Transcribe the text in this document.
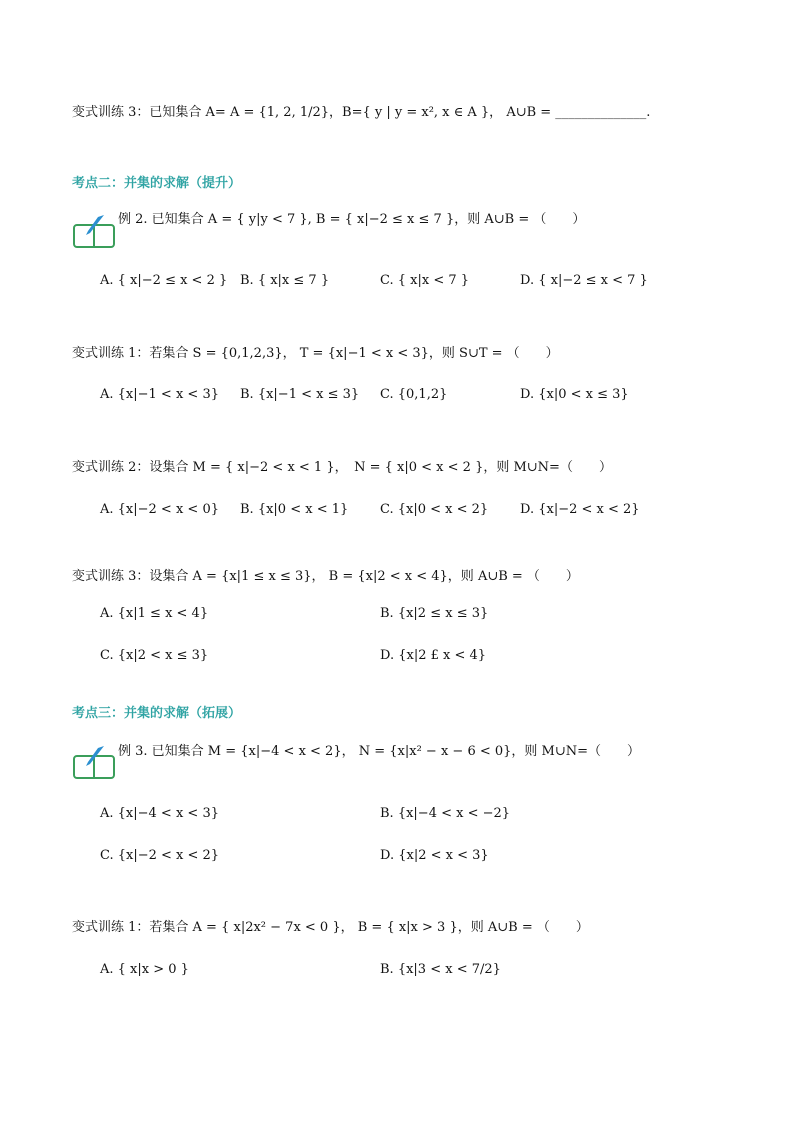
变式训练 3：已知集合 A= A = {1, 2, 1/2}，B={ y | y = x², x ∈ A }， A∪B = ______________.
考点二：并集的求解（提升）
例 2. 已知集合 A = { y|y < 7 }, B = { x|−2 ≤ x ≤ 7 }，则 A∪B = （　　）
A. { x|−2 ≤ x < 2 } B. { x|x ≤ 7 }	C. { x|x < 7 }	D. { x|−2 ≤ x < 7 }
变式训练 1：若集合 S = {0,1,2,3}， T = {x|−1 < x < 3}，则 S∪T = （　　）
A. {x|−1 < x < 3} B. {x|−1 < x ≤ 3} C. {0,1,2}	D. {x|0 < x ≤ 3}
变式训练 2：设集合 M = { x|−2 < x < 1 }，　N = { x|0 < x < 2 }，则 M∪N=（　　）
A. {x|−2 < x < 0} B. {x|0 < x < 1} C. {x|0 < x < 2} D. {x|−2 < x < 2}
变式训练 3：设集合 A = {x|1 ≤ x ≤ 3}， B = {x|2 < x < 4}，则 A∪B = （　　）
A. {x|1 ≤ x < 4}	B. {x|2 ≤ x ≤ 3}
C. {x|2 < x ≤ 3}	D. {x|2 £ x < 4}
考点三：并集的求解（拓展）
例 3. 已知集合 M = {x|−4 < x < 2}， N = {x|x² − x − 6 < 0}，则 M∪N=（　　）
A. {x|−4 < x < 3}	B. {x|−4 < x < −2}
C. {x|−2 < x < 2}	D. {x|2 < x < 3}
变式训练 1：若集合 A = { x|2x² − 7x < 0 }， B = { x|x > 3 }，则 A∪B = （　　）
A. { x|x > 0 }	B. {x|3 < x < 7/2}
